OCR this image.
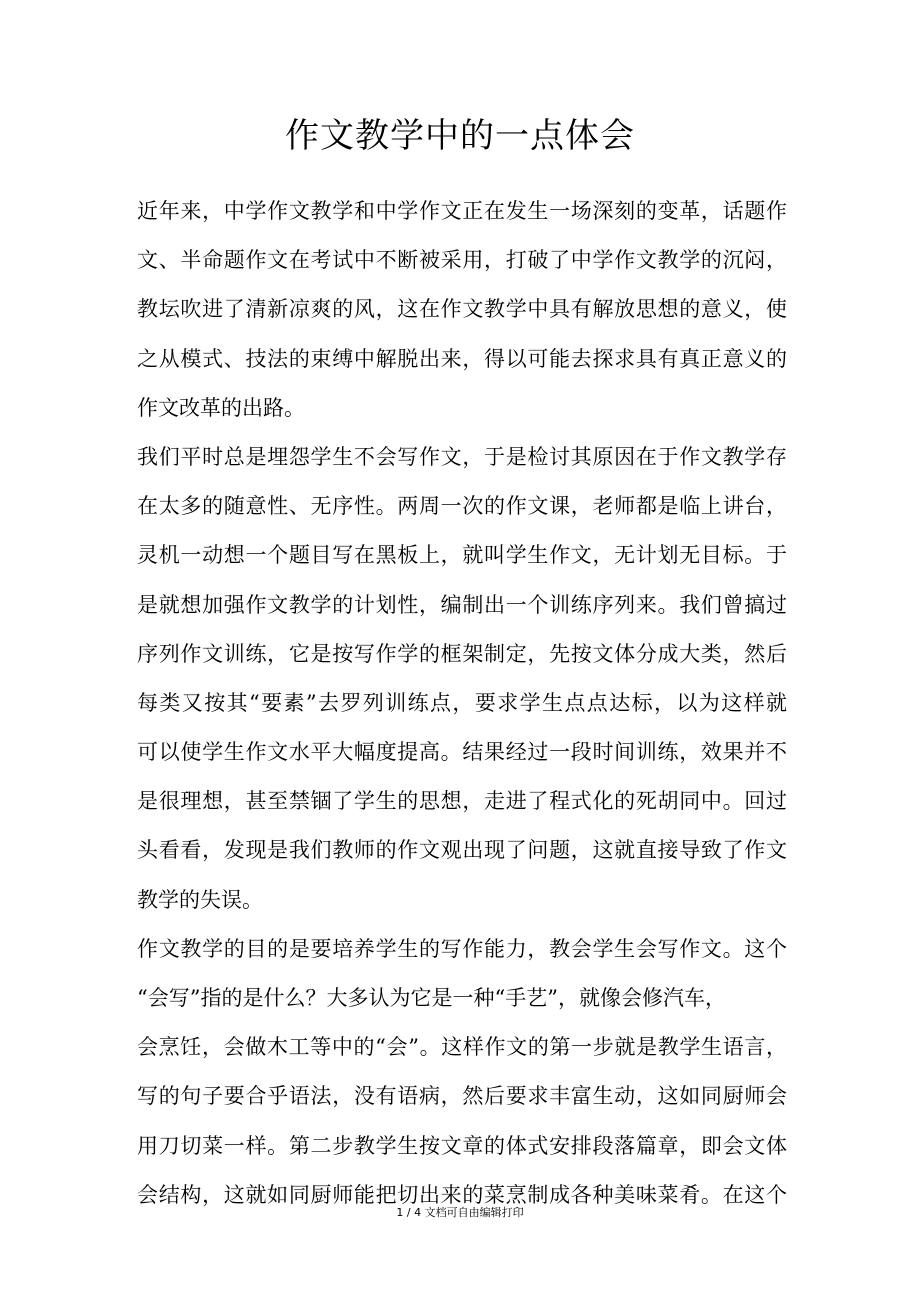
作文教学中的一点体会
近年来，中学作文教学和中学作文正在发生一场深刻的变革，话题作
文、半命题作文在考试中不断被采用，打破了中学作文教学的沉闷，
教坛吹进了清新凉爽的风，这在作文教学中具有解放思想的意义，使
之从模式、技法的束缚中解脱出来，得以可能去探求具有真正意义的
作文改革的出路。
我们平时总是埋怨学生不会写作文，于是检讨其原因在于作文教学存
在太多的随意性、无序性。两周一次的作文课，老师都是临上讲台，
灵机一动想一个题目写在黑板上，就叫学生作文，无计划无目标。于
是就想加强作文教学的计划性，编制出一个训练序列来。我们曾搞过
序列作文训练，它是按写作学的框架制定，先按文体分成大类，然后
每类又按其“要素”去罗列训练点，要求学生点点达标，以为这样就
可以使学生作文水平大幅度提高。结果经过一段时间训练，效果并不
是很理想，甚至禁锢了学生的思想，走进了程式化的死胡同中。回过
头看看，发现是我们教师的作文观出现了问题，这就直接导致了作文
教学的失误。
作文教学的目的是要培养学生的写作能力，教会学生会写作文。这个
“会写”指的是什么？大多认为它是一种“手艺”，就像会修汽车，
会烹饪，会做木工等中的“会”。这样作文的第一步就是教学生语言，
写的句子要合乎语法，没有语病，然后要求丰富生动，这如同厨师会
用刀切菜一样。第二步教学生按文章的体式安排段落篇章，即会文体
会结构，这就如同厨师能把切出来的菜烹制成各种美味菜肴。在这个
1 / 4 文档可自由编辑打印
